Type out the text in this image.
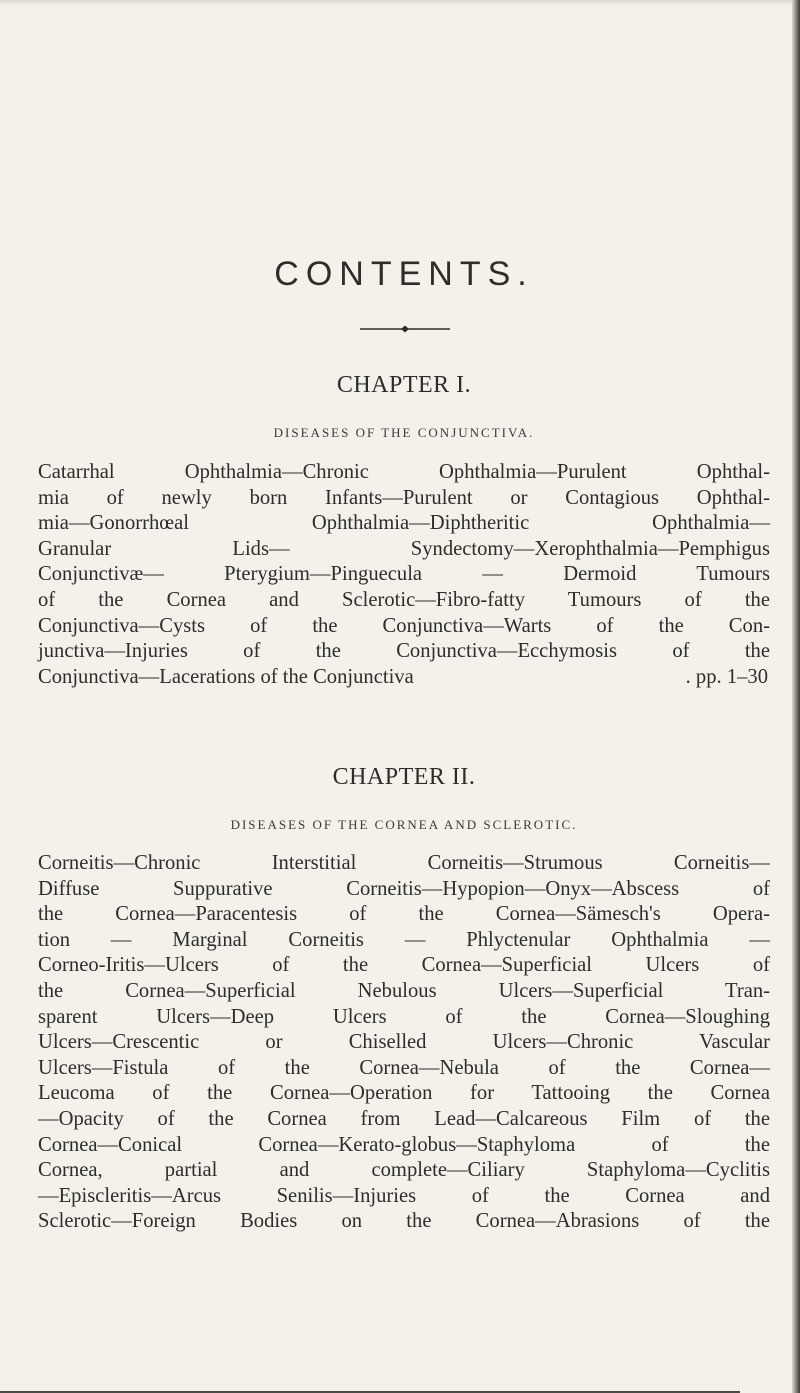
CONTENTS.
CHAPTER I.
DISEASES OF THE CONJUNCTIVA.
Catarrhal Ophthalmia—Chronic Ophthalmia—Purulent Ophthal-
mia of newly born Infants—Purulent or Contagious Ophthal-
mia—Gonorrhœal Ophthalmia—Diphtheritic Ophthalmia—
Granular Lids— Syndectomy—Xerophthalmia—Pemphigus
Conjunctivæ— Pterygium—Pinguecula — Dermoid Tumours
of the Cornea and Sclerotic—Fibro-fatty Tumours of the
Conjunctiva—Cysts of the Conjunctiva—Warts of the Con-
junctiva—Injuries of the Conjunctiva—Ecchymosis of the
Conjunctiva—Lacerations of the Conjunctiva	. pp. 1–30
CHAPTER II.
DISEASES OF THE CORNEA AND SCLEROTIC.
Corneitis—Chronic Interstitial Corneitis—Strumous Corneitis—
Diffuse Suppurative Corneitis—Hypopion—Onyx—Abscess of
the Cornea—Paracentesis of the Cornea—Sämesch's Opera-
tion — Marginal Corneitis — Phlyctenular Ophthalmia —
Corneo-Iritis—Ulcers of the Cornea—Superficial Ulcers of
the Cornea—Superficial Nebulous Ulcers—Superficial Tran-
sparent Ulcers—Deep Ulcers of the Cornea—Sloughing
Ulcers—Crescentic or Chiselled Ulcers—Chronic Vascular
Ulcers—Fistula of the Cornea—Nebula of the Cornea—
Leucoma of the Cornea—Operation for Tattooing the Cornea
—Opacity of the Cornea from Lead—Calcareous Film of the
Cornea—Conical Cornea—Kerato-globus—Staphyloma of the
Cornea, partial and complete—Ciliary Staphyloma—Cyclitis
—Episcleritis—Arcus Senilis—Injuries of the Cornea and
Sclerotic—Foreign Bodies on the Cornea—Abrasions of the
